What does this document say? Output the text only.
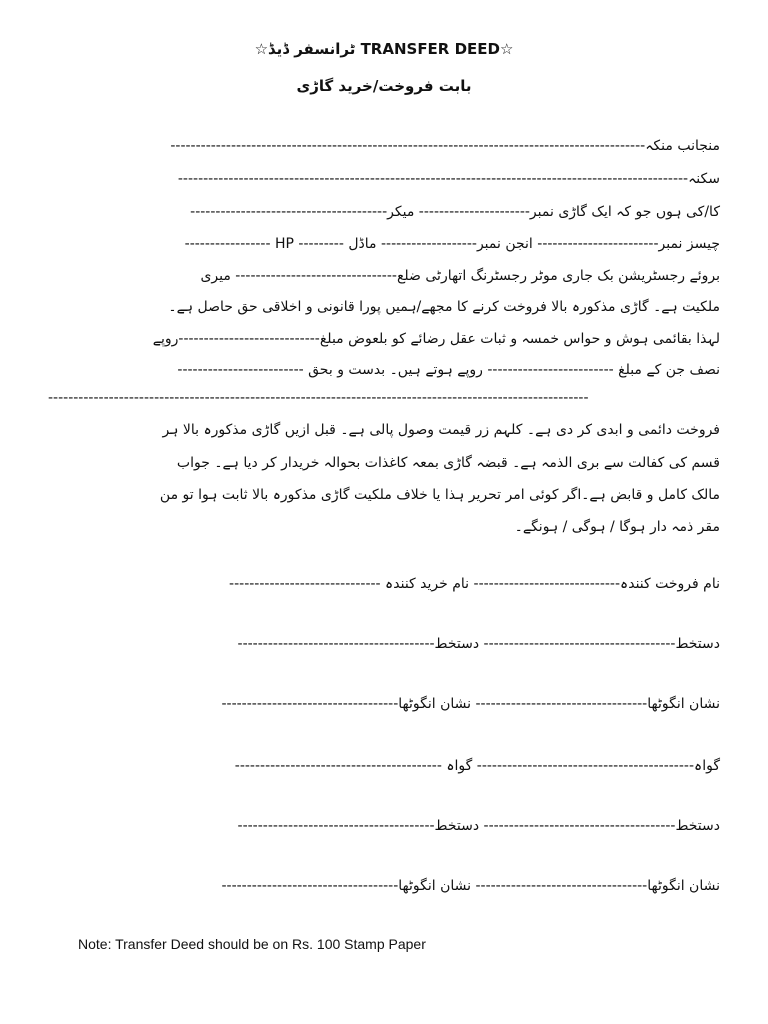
☆ٹرانسفر ڈیڈ TRANSFER DEED☆
بابت فروخت/خرید گاڑی
منجانب منکہ----------------------------------------------------------------------------------------------
سکنہ-----------------------------------------------------------------------------------------------------
کا/کی ہوں جو کہ ایک گاڑی نمبر---------------------- میکر---------------------------------------
چیسز نمبر------------------------ انجن نمبر------------------- ماڈل --------- HP -----------------
بروئے رجسٹریشن بک جاری موٹر رجسٹرنگ اتھارٹی ضلع-------------------------------- میری
ملکیت ہے۔ گاڑی مذکورہ بالا فروخت کرنے کا مجھے/ہمیں پورا قانونی و اخلاقی حق حاصل ہے۔
لہذا بقائمی ہوش و حواس خمسہ و ثبات عقل رضائے کو بلعوض مبلغ----------------------------روپے
نصف جن کے مبلغ ------------------------- روپے ہوتے ہیں۔ بدست و بحق -------------------------
-----------------------------------------------------------------------------------------------------------
فروخت دائمی و ابدی کر دی ہے۔ کلہم زر قیمت وصول پالی ہے۔ قبل ازیں گاڑی مذکورہ بالا ہر
قسم کی کفالت سے بری الذمہ ہے۔ قبضہ گاڑی بمعہ کاغذات بحوالہ خریدار کر دیا ہے۔ جواب
مالک کامل و قابض ہے۔اگر کوئی امر تحریر ہذا یا خلاف ملکیت گاڑی مذکورہ بالا ثابت ہوا تو من
مقر ذمہ دار ہوگا / ہوگی / ہونگے۔
نام فروخت کنندہ----------------------------- نام خرید کنندہ ------------------------------
دستخط-------------------------------------- دستخط---------------------------------------
نشان انگوٹھا---------------------------------- نشان انگوٹھا-----------------------------------
گواہ------------------------------------------- گواہ -----------------------------------------
دستخط-------------------------------------- دستخط---------------------------------------
نشان انگوٹھا---------------------------------- نشان انگوٹھا-----------------------------------
Note: Transfer Deed should be on Rs. 100 Stamp Paper
